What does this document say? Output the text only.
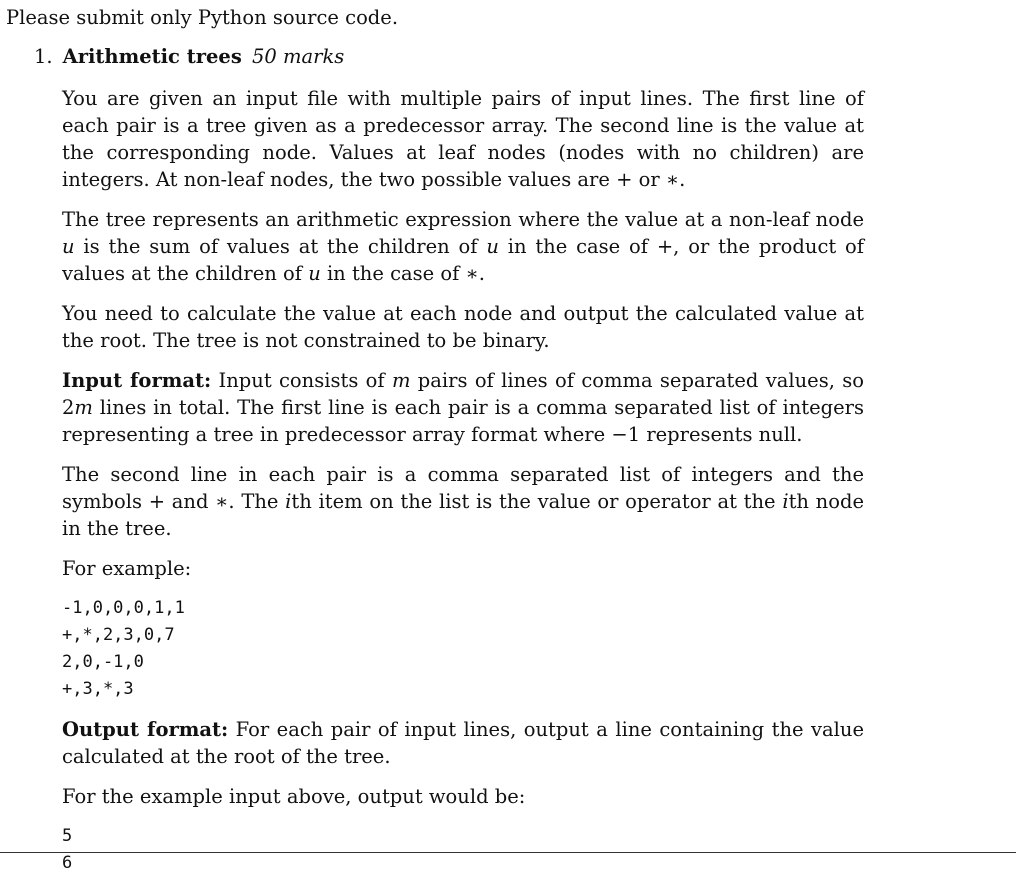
Please submit only Python source code.

1. Arithmetic trees 50 marks

You are given an input file with multiple pairs of input lines. The first line of each pair is a tree given as a predecessor array. The second line is the value at the corresponding node. Values at leaf nodes (nodes with no children) are integers. At non-leaf nodes, the two possible values are + or ∗.

The tree represents an arithmetic expression where the value at a non-leaf node u is the sum of values at the children of u in the case of +, or the product of values at the children of u in the case of ∗.

You need to calculate the value at each node and output the calculated value at the root. The tree is not constrained to be binary.

Input format: Input consists of m pairs of lines of comma separated values, so 2m lines in total. The first line is each pair is a comma separated list of integers representing a tree in predecessor array format where −1 represents null.

The second line in each pair is a comma separated list of integers and the symbols + and ∗. The ith item on the list is the value or operator at the ith node in the tree.

For example:

-1,0,0,0,1,1
+,*,2,3,0,7
2,0,-1,0
+,3,*,3

Output format: For each pair of input lines, output a line containing the value calculated at the root of the tree.

For the example input above, output would be:

5
6
